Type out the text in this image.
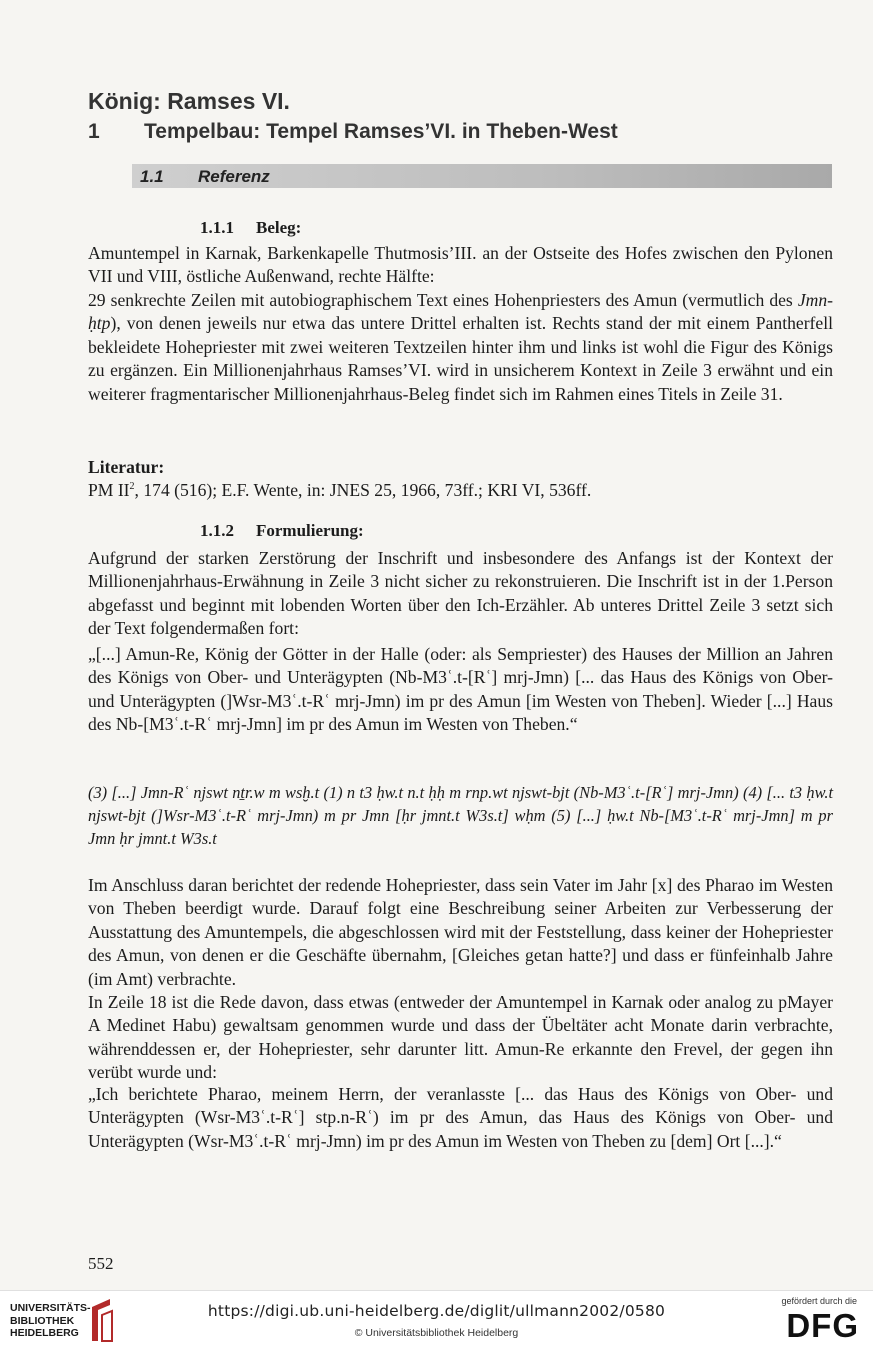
König: Ramses VI.
1 Tempelbau: Tempel Ramses’VI. in Theben-West
1.1 Referenz
1.1.1 Beleg:

Amuntempel in Karnak, Barkenkapelle Thutmosis’III. an der Ostseite des Hofes zwischen den Pylonen VII und VIII, östliche Außenwand, rechte Hälfte:

29 senkrechte Zeilen mit autobiographischem Text eines Hohenpriesters des Amun (vermutlich des Jmn-ḥtp), von denen jeweils nur etwa das untere Drittel erhalten ist. Rechts stand der mit einem Pantherfell bekleidete Hohepriester mit zwei weiteren Textzeilen hinter ihm und links ist wohl die Figur des Königs zu ergänzen. Ein Millionenjahrhaus Ramses’VI. wird in unsicherem Kontext in Zeile 3 erwähnt und ein weiterer fragmentarischer Millionenjahrhaus-Beleg findet sich im Rahmen eines Titels in Zeile 31.

Literatur:
PM $II^2$, 174 (516); E.F. Wente, in: JNES 25, 1966, 73ff.; KRI VI, 536ff.

1.1.2 Formulierung:

Aufgrund der starken Zerstörung der Inschrift und insbesondere des Anfangs ist der Kontext der Millionenjahrhaus-Erwähnung in Zeile 3 nicht sicher zu rekonstruieren. Die Inschrift ist in der 1.Person abgefasst und beginnt mit lobenden Worten über den Ich-Erzähler. Ab unteres Drittel Zeile 3 setzt sich der Text folgendermaßen fort:

„[...] Amun-Re, König der Götter in der Halle (oder: als Sempriester) des Hauses der Million an Jahren des Königs von Ober- und Unterägypten (Nb-M3ʿ.t-[Rʿ] mrj-Jmn) [... das Haus des Königs von Ober- und Unterägypten (]Wsr-M3ʿ.t-Rʿ mrj-Jmn) im pr des Amun [im Westen von Theben]. Wieder [...] Haus des Nb-[M3ʿ.t-Rʿ mrj-Jmn] im pr des Amun im Westen von Theben.“

(3) [...] Jmn-Rʿ njswt nṯr.w m wsḫ.t (1) n t3 ḥw.t n.t ḥḥ m rnp.wt njswt-bjt (Nb-M3ʿ.t-[Rʿ] mrj-Jmn) (4) [... t3 ḥw.t njswt-bjt (]Wsr-M3ʿ.t-Rʿ mrj-Jmn) m pr Jmn [ḥr jmnt.t W3s.t] wḥm (5) [...] ḥw.t Nb-[M3ʿ.t-Rʿ mrj-Jmn] m pr Jmn ḥr jmnt.t W3s.t

Im Anschluss daran berichtet der redende Hohepriester, dass sein Vater im Jahr [x] des Pharao im Westen von Theben beerdigt wurde. Darauf folgt eine Beschreibung seiner Arbeiten zur Verbesserung der Ausstattung des Amuntempels, die abgeschlossen wird mit der Feststellung, dass keiner der Hohepriester des Amun, von denen er die Geschäfte übernahm, [Gleiches getan hatte?] und dass er fünfeinhalb Jahre (im Amt) verbrachte.

In Zeile 18 ist die Rede davon, dass etwas (entweder der Amuntempel in Karnak oder analog zu pMayer A Medinet Habu) gewaltsam genommen wurde und dass der Übeltäter acht Monate darin verbrachte, währenddessen er, der Hohepriester, sehr darunter litt. Amun-Re erkannte den Frevel, der gegen ihn verübt wurde und:

„Ich berichtete Pharao, meinem Herrn, der veranlasste [... das Haus des Königs von Ober- und Unterägypten (Wsr-M3ʿ.t-Rʿ] stp.n-Rʿ) im pr des Amun, das Haus des Königs von Ober- und Unterägypten (Wsr-M3ʿ.t-Rʿ mrj-Jmn) im pr des Amun im Westen von Theben zu [dem] Ort [...].“

552

UNIVERSITÄTS-
BIBLIOTHEK
HEIDELBERG
https://digi.ub.uni-heidelberg.de/diglit/ullmann2002/0580
© Universitätsbibliothek Heidelberg
gefördert durch die
DFG
